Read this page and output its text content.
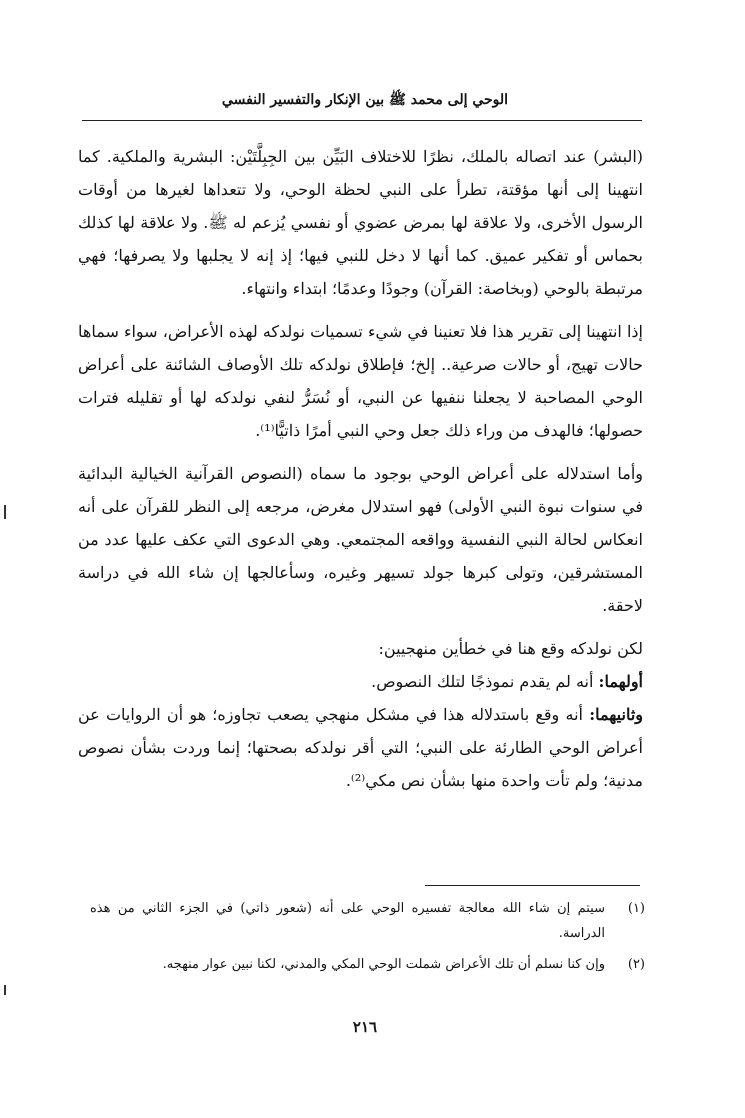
الوحي إلى محمد ﷺ بين الإنكار والتفسير النفسي

(البشر) عند اتصاله بالملك، نظرًا للاختلاف البَيِّن بين الجِبِلَّتَيْن: البشرية والملكية. كما انتهينا إلى أنها مؤقتة، تطرأ على النبي لحظة الوحي، ولا تتعداها لغيرها من أوقات الرسول الأخرى، ولا علاقة لها بمرض عضوي أو نفسي يُزعم له ﷺ. ولا علاقة لها كذلك بحماس أو تفكير عميق. كما أنها لا دخل للنبي فيها؛ إذ إنه لا يجلبها ولا يصرفها؛ فهي مرتبطة بالوحي (وبخاصة: القرآن) وجودًا وعدمًا؛ ابتداء وانتهاء.

إذا انتهينا إلى تقرير هذا فلا تعنينا في شيء تسميات نولدكه لهذه الأعراض، سواء سماها حالات تهيج، أو حالات صرعية.. إلخ؛ فإطلاق نولدكه تلك الأوصاف الشائنة على أعراض الوحي المصاحبة لا يجعلنا ننفيها عن النبي، أو نُسَرُّ لنفي نولدكه لها أو تقليله فترات حصولها؛ فالهدف من وراء ذلك جعل وحي النبي أمرًا ذاتيًّا⁽¹⁾.

وأما استدلاله على أعراض الوحي بوجود ما سماه (النصوص القرآنية الخيالية البدائية في سنوات نبوة النبي الأولى) فهو استدلال مغرض، مرجعه إلى النظر للقرآن على أنه انعكاس لحالة النبي النفسية وواقعه المجتمعي. وهي الدعوى التي عكف عليها عدد من المستشرقين، وتولى كبرها جولد تسيهر وغيره، وسأعالجها إن شاء الله في دراسة لاحقة.

لكن نولدكه وقع هنا في خطأين منهجيين:

أولهما: أنه لم يقدم نموذجًا لتلك النصوص.

وثانيهما: أنه وقع باستدلاله هذا في مشكل منهجي يصعب تجاوزه؛ هو أن الروايات عن أعراض الوحي الطارئة على النبي؛ التي أقر نولدكه بصحتها؛ إنما وردت بشأن نصوص مدنية؛ ولم تأت واحدة منها بشأن نص مكي⁽²⁾.

(١)
سيتم إن شاء الله معالجة تفسيره الوحي على أنه (شعور ذاتي) في الجزء الثاني من هذه الدراسة.
(٢)
وإن كنا نسلم أن تلك الأعراض شملت الوحي المكي والمدني، لكنا نبين عوار منهجه.
٢١٦
